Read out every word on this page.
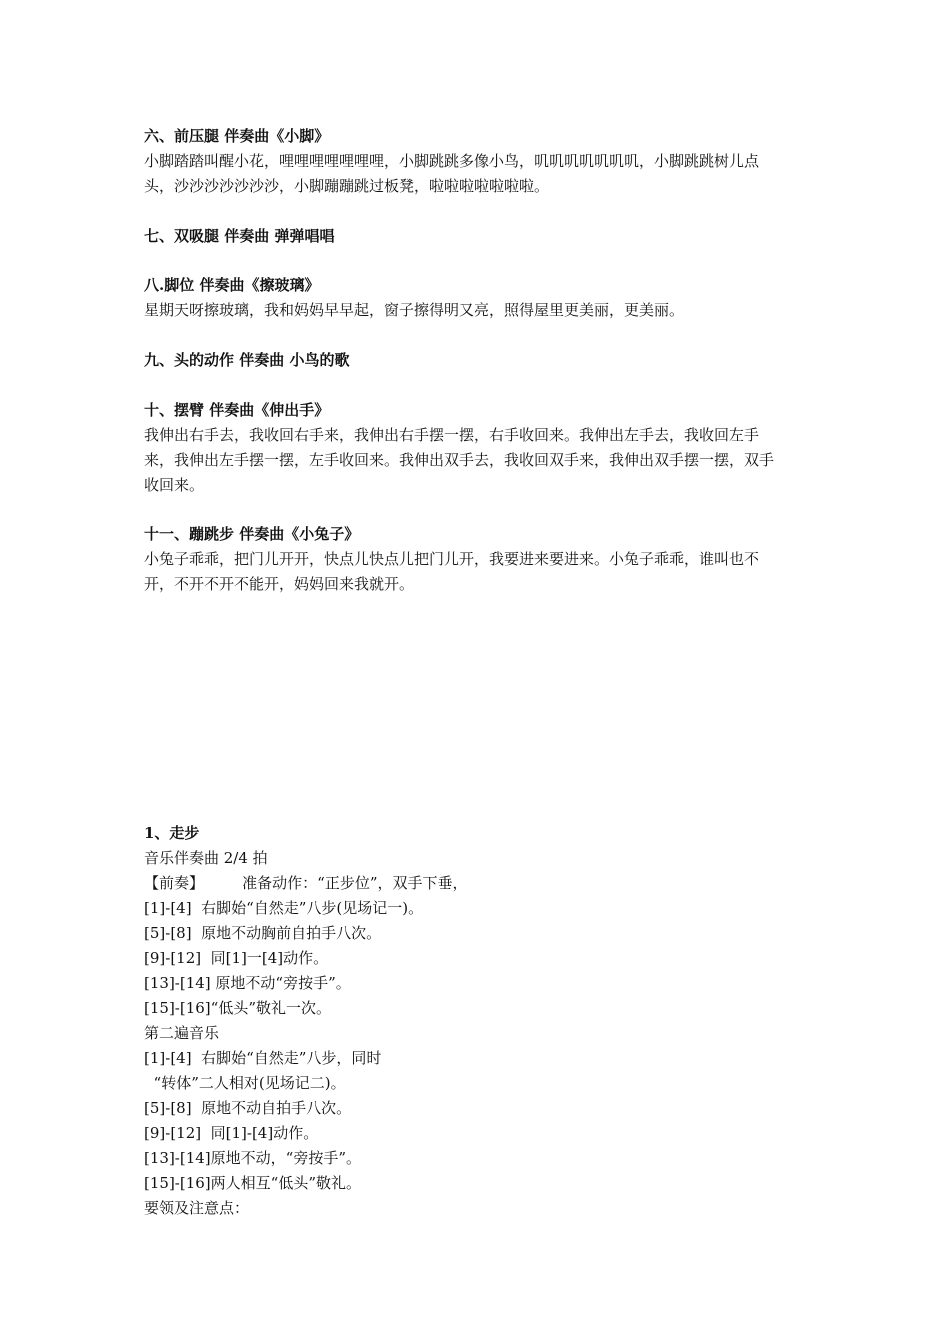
六、前压腿 伴奏曲《小脚》
小脚踏踏叫醒小花，哩哩哩哩哩哩哩，小脚跳跳多像小鸟，叽叽叽叽叽叽叽，小脚跳跳树儿点
头，沙沙沙沙沙沙沙，小脚蹦蹦跳过板凳，啦啦啦啦啦啦啦。
七、双吸腿 伴奏曲 弹弹唱唱
八.脚位 伴奏曲《擦玻璃》
星期天呀擦玻璃，我和妈妈早早起，窗子擦得明又亮，照得屋里更美丽，更美丽。
九、头的动作 伴奏曲 小鸟的歌
十、摆臂 伴奏曲《伸出手》
我伸出右手去，我收回右手来，我伸出右手摆一摆，右手收回来。我伸出左手去，我收回左手
来，我伸出左手摆一摆，左手收回来。我伸出双手去，我收回双手来，我伸出双手摆一摆，双手
收回来。
十一、蹦跳步 伴奏曲《小兔子》
小兔子乖乖，把门儿开开，快点儿快点儿把门儿开，我要进来要进来。小兔子乖乖，谁叫也不
开，不开不开不能开，妈妈回来我就开。
1、走步
音乐伴奏曲 2/4 拍
【前奏】        准备动作：“正步位”，双手下垂，
[1]-[4]  右脚始“自然走”八步(见场记一)。
[5]-[8]  原地不动胸前自拍手八次。
[9]-[12]  同[1]一[4]动作。
[13]-[14] 原地不动“旁按手”。
[15]-[16]“低头”敬礼一次。
第二遍音乐
[1]-[4]  右脚始“自然走”八步，同时
“转体”二人相对(见场记二)。
[5]-[8]  原地不动自拍手八次。
[9]-[12]  同[1]-[4]动作。
[13]-[14]原地不动，“旁按手”。
[15]-[16]两人相互“低头”敬礼。
要领及注意点：
